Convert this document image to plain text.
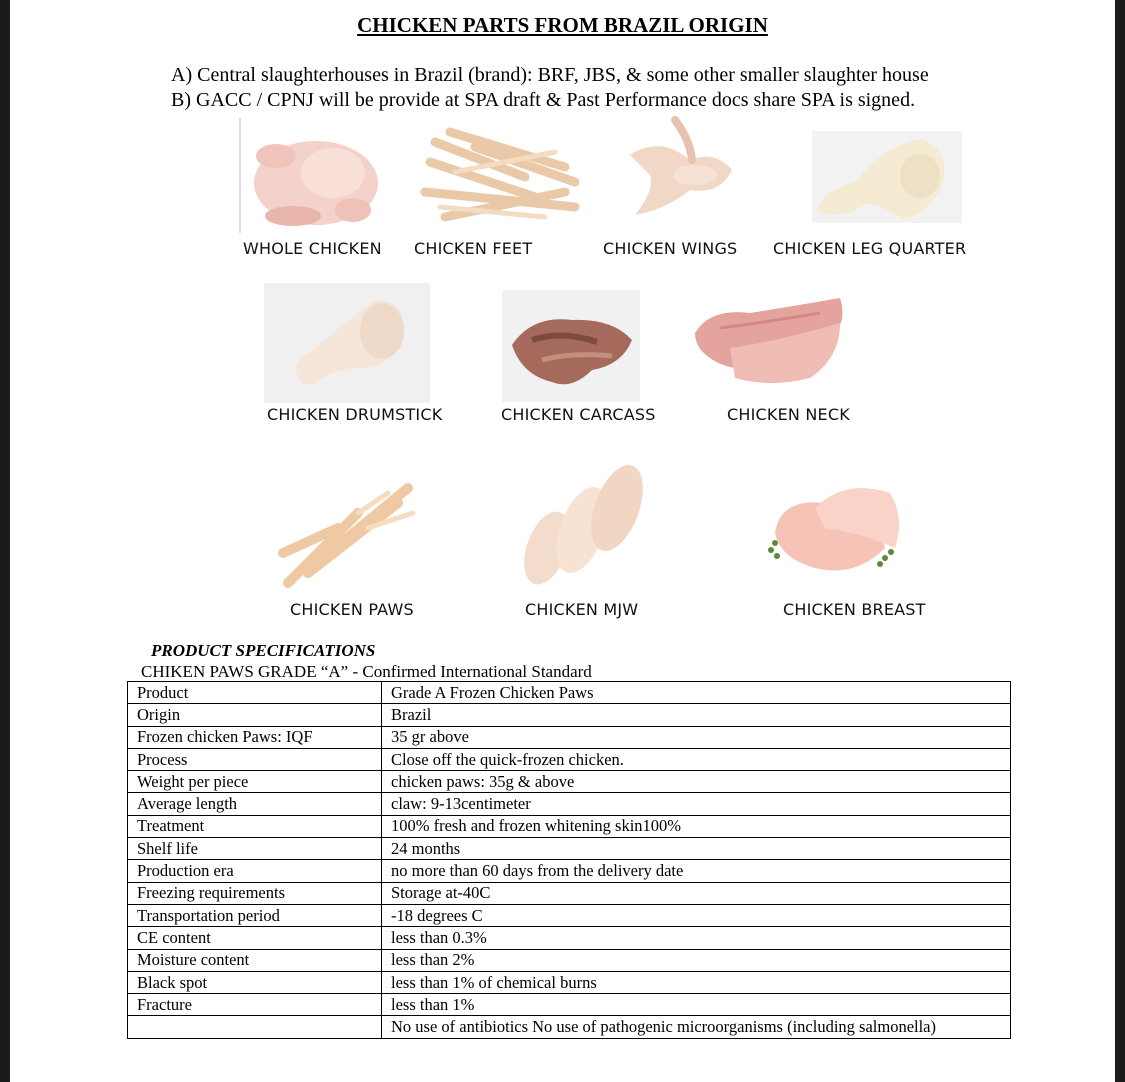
CHICKEN PARTS FROM BRAZIL ORIGIN
A) Central slaughterhouses in Brazil (brand): BRF, JBS, & some other smaller slaughter house
B) GACC / CPNJ will be provide at SPA draft & Past Performance docs share SPA is signed.
WHOLE CHICKEN CHICKEN FEET	CHICKEN WINGS CHICKEN LEG QUARTER
CHICKEN DRUMSTICK	CHICKEN CARCASS	CHICKEN NECK
CHICKEN PAWS	CHICKEN MJW	CHICKEN BREAST
PRODUCT SPECIFICATIONS
CHIKEN PAWS GRADE “A” - Confirmed International Standard
Product	Grade A Frozen Chicken Paws
Origin	Brazil
Frozen chicken Paws: IQF	35 gr above
Process	Close off the quick-frozen chicken.
Weight per piece	chicken paws: 35g & above
Average length	claw: 9-13centimeter
Treatment	100% fresh and frozen whitening skin100%
Shelf life	24 months
Production era	no more than 60 days from the delivery date
Freezing requirements	Storage at-40C
Transportation period	-18 degrees C
CE content	less than 0.3%
Moisture content	less than 2%
Black spot	less than 1% of chemical burns
Fracture	less than 1%
	No use of antibiotics No use of pathogenic microorganisms (including salmonella)
